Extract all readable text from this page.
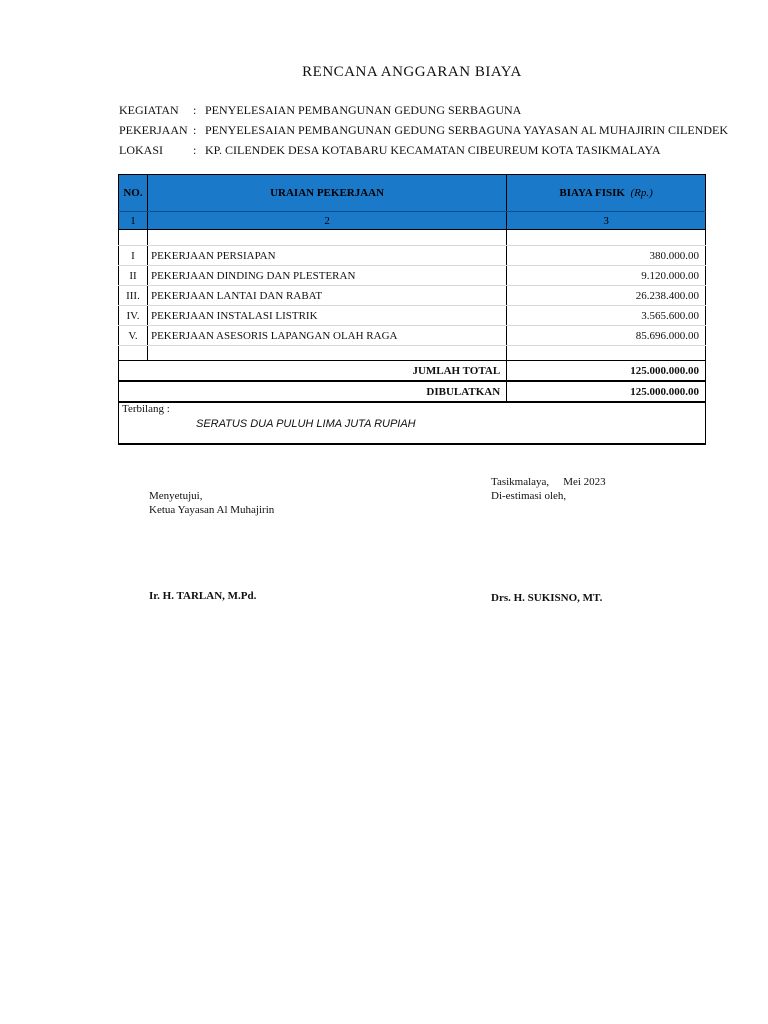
RENCANA ANGGARAN BIAYA
KEGIATAN	: PENYELESAIAN PEMBANGUNAN GEDUNG SERBAGUNA
PEKERJAAN : PENYELESAIAN PEMBANGUNAN GEDUNG SERBAGUNA YAYASAN AL MUHAJIRIN CILENDEK
LOKASI	: KP. CILENDEK DESA KOTABARU KECAMATAN CIBEUREUM KOTA TASIKMALAYA
NO.	URAIAN PEKERJAAN	BIAYA FISIK (Rp.)
1	2	3

I	PEKERJAAN PERSIAPAN	380.000.00
II	PEKERJAAN DINDING DAN PLESTERAN	9.120.000.00
III.	PEKERJAAN LANTAI DAN RABAT	26.238.400.00
IV.	PEKERJAAN INSTALASI LISTRIK	3.565.600.00
V.	PEKERJAAN ASESORIS LAPANGAN OLAH RAGA	85.696.000.00

JUMLAH TOTAL		125.000.000.00
DIBULATKAN		125.000.000.00

Terbilang :
SERATUS DUA PULUH LIMA JUTA RUPIAH		
Tasikmalaya, Mei 2023
Di-estimasi oleh,
Menyetujui,
Ketua Yayasan Al Muhajirin
Ir. H. TARLAN, M.Pd.	Drs. H. SUKISNO, MT.
